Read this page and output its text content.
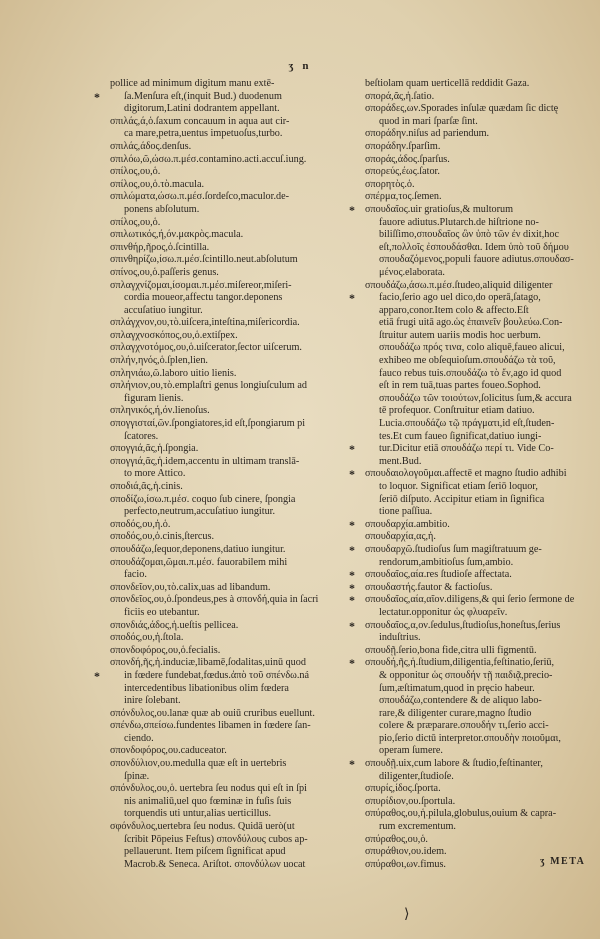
ʒ n
pollice ad minimum digitum manu extē-
* ſa.Menſura eſt,(inquit Bud.) duodenum
digitorum,Latini dodrantem appellant.
σπιλάς,ά,ὁ.ſaxum concauum in aqua aut cir-
ca mare,petra,uentus impetuoſus,turbo.
σπιλάς,άδος.denſus.
σπιλόω,ῶ,ώσω.π.μέσ.contamino.acti.accuſ.iung.
σπίλος,ου,ὁ.
σπίλος,ου,ὁ.τὸ.macula.
σπιλώματα,ώσω.π.μέσ.ſordeſco,maculor.de-
ponens abſolutum.
σπίλος,ου,ὁ.
σπιλωτικός,ή,όν.μακρὸς.macula.
σπινθήρ,ῆρος,ὁ.ſcintilla.
σπινθηρίζω,ίσω.π.μέσ.ſcintillo.neut.abſolutum
σπίνος,ου,ὁ.paſſeris genus.
σπλαγχνίζομαι,ίσομαι.π.μέσ.miſereor,miſeri-
cordia moueor,affectu tangor.deponens
accuſatiuo iungitur.
σπλάγχνον,ου,τὸ.uiſcera,inteſtina,miſericordia.
σπλαγχνοσκόπος,ου,ὁ.extiſpex.
σπλαγχνοτόμος,ου,ὁ.uiſcerator,ſector uiſcerum.
σπλήν,ηνός,ὁ.ſplen,lien.
σπληνιάω,ῶ.laboro uitio lienis.
σπλήνιον,ου,τὸ.emplaſtri genus longiuſculum ad
figuram lienis.
σπληνικός,ή,όν.lienoſus.
σπογγισταί,ῶν.ſpongiatores,id eſt,ſpongiarum pi
ſcatores.
σπογγιά,ᾶς,ἡ.ſpongia.
σπογγιά,ᾶς,ἡ.idem,accentu in ultimam translā-
to more Attico.
σποδιά,ᾶς,ἡ.cinis.
σποδίζω,ίσω.π.μέσ. coquo ſub cinere, ſpongia
perfecto,neutrum,accuſatiuo iungitur.
σποδός,ου,ἡ.ὁ.
σποδός,ου,ὁ.cinis,ſtercus.
σπουδάζω,ſequor,deponens,datiuo iungitur.
σπουδάζομαι,ῶμαι.π.μέσ. fauorabilem mihi
facio.
σπονδεῖον,ου,τὸ.calix,uas ad libandum.
σπονδεῖος,ου,ὁ.ſpondeus,pes à σπονδή,quia in ſacri
ficiis eo utebantur.
σπονδιάς,άδος,ἡ.ueſtis pellicea.
σποδός,ου,ἡ.ſtola.
σπονδοφόρος,ου,ὁ.fecialis.
σπονδή,ῆς,ἡ.induciæ,libamē,ſodalitas,uinū quod
* in fœdere fundebat,fœdus.ἀπὸ τοῦ σπένδω.ná
intercedentibus libationibus olim fœdera
inire ſolebant.
σπόνδυλος,ου.lanæ quæ ab ouiū cruribus euellunt.
σπένδω,σπείσω.fundentes libamen in fœdere ſan-
ciendo.
σπονδοφόρος,ου.caduceator.
σπονδύλιον,ου.medulla quæ eſt in uertebris
ſpinæ.
σπόνδυλος,ου,ὁ. uertebra ſeu nodus qui eſt in ſpi
nis animaliū,uel quo fœminæ in fuſis ſuis
torquendis uti untur,alias uerticillus.
σφόνδυλος,uertebra ſeu nodus. Quidā uerò(ut
ſcribit Pōpeius Feſtus) σπονδύλους cubos ap-
pellauerunt. Item piſcem ſignificat apud
Macrob.& Seneca. Ariſtot. σπονδύλων uocat
beſtiolam quam uerticellā reddidit Gaza.
σπορά,ᾶς,ἡ.ſatio.
σποράδες,ων.Sporades inſulæ quædam ſic dictę
quod in mari ſparſæ ſint.
σποράδην.niſus ad pariendum.
σποράδην.ſparſim.
σποράς,άδος.ſparſus.
σπορεύς,έως.ſator.
σπορητὸς.ὁ.
σπέρμα,τος.ſemen.
* σπουδαῖος.uir gratioſus,& multorum
fauore adiutus.Plutarch.de hiſtrione no-
biliſſimo,σπουδαῖος ὢν ὑπὸ τῶν ἐν dixit,hoc
eſt,πολλοῖς ἐσπουδάσθαι. Idem ὑπὸ τοῦ δήμου
σπουδαζόμενος,populi fauore adiutus.σπουδασ-
μένος.elaborata.
σπουδάζω,άσω.π.μέσ.ſtudeo,aliquid diligenter
* facio,ſerio ago uel dico,do operā,ſatago,
apparo,conor.Item colo & affecto.Eſt
etiā frugi uitā ago.ὡς ἐπαινεῖν βουλεύω.Con-
ſtruitur autem uariis modis hoc uerbum.
σπουδάζω πρός τινα, colo aliquē,faueo alicui,
exhibeo me obſequioſum.σπουδάζω τὰ τοῦ,
fauco rebus tuis.σπουδάζω τὸ ἔν,ago id quod
eſt in rem tuā,tuas partes foueo.Sophod.
σπουδάζω τῶν τοιούτων,ſolicitus ſum,& accura
tē profequor. Conſtruitur etiam datiuo.
Lucia.σπουδάζω τῷ πράγματι,id eſt,ſtuden-
tes.Et cum faueo ſignificat,datiuo iungi-
* tur.Dicitur etiā σπουδάζω περί τι. Vide Co-
ment.Bud.
* σπουδαιολογοῦμαι.affectē et magno ſtudio adhibi
to loquor. Significat etiam ſeriō loquor,
ſeriō diſputo. Accipitur etiam in ſignifica
tione paſſiua.
* σπουδαρχία.ambitio.
σπουδαρχία,ας,ἡ.
* σπουδαρχῶ.ſtudioſus ſum magiſtratuum ge-
rendorum,ambitioſus ſum,ambio.
* σπουδαῖος,αία.res ſtudioſe affectata.
* σπουδαστής.fautor & factioſus.
* σπουδαῖος,αία,αῖον.diligens,& qui ſerio ſermone de
lectatur.opponitur ὡς φλυαρεῖν.
* σπουδαῖος,α,ον.ſedulus,ſtudioſus,honeſtus,ſerius
induſtrius.
σπουδῇ.ſerio,bona fide,citra ulli figmentū.
* σπουδή,ῆς,ἡ.ſtudium,diligentia,feſtinatio,ſeriū,
& opponitur ὡς σπουδήν τῇ παιδιᾷ,precio-
ſum,æſtimatum,quod in pręcio habeur.
σπουδάζω,contendere & de aliquo labo-
rare,& diligenter curare,magno ſtudio
colere & præparare.σπουδήν τι,ſerio acci-
pio,ſerio dictū interpretor.σπουδὴν ποιοῦμαι,
operam ſumere.
* σπουδῇ.uix,cum labore & ſtudio,feſtinanter,
diligenter,ſtudioſe.
σπυρίς,ίδος.ſporta.
σπυρίδιον,ου.ſportula.
σπύραθος,ου,ἡ.pilula,globulus,ouium & capra-
rum excrementum.
σπύραθος,ου,ὁ.
σπυράθιον,ου.idem.
σπύραθοι,ων.fimus.	ʒ META
⟩
